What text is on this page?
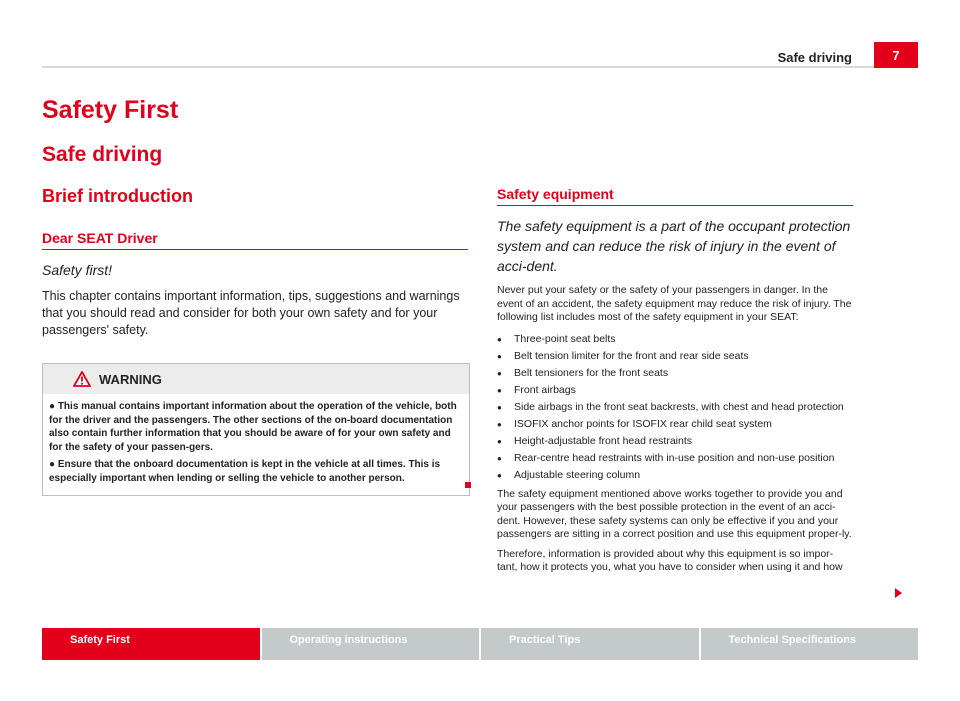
Safe driving	7
Safety First
Safe driving
Brief introduction
Dear SEAT Driver
Safety first!

This chapter contains important information, tips, suggestions and warnings that you should read and consider for both your own safety and for your passengers' safety.

WARNING

● This manual contains important information about the operation of the vehicle, both for the driver and the passengers. The other sections of the on-board documentation also contain further information that you should be aware of for your own safety and for the safety of your passen-gers.

● Ensure that the onboard documentation is kept in the vehicle at all times. This is especially important when lending or selling the vehicle to another person.

Safety equipment
The safety equipment is a part of the occupant protection system and can reduce the risk of injury in the event of acci-dent.

Never put your safety or the safety of your passengers in danger. In the event of an accident, the safety equipment may reduce the risk of injury. The following list includes most of the safety equipment in your SEAT:

● Three-point seat belts
● Belt tension limiter for the front and rear side seats
● Belt tensioners for the front seats
● Front airbags
● Side airbags in the front seat backrests, with chest and head protection
● ISOFIX anchor points for ISOFIX rear child seat system
● Height-adjustable front head restraints
● Rear-centre head restraints with in-use position and non-use position
● Adjustable steering column

The safety equipment mentioned above works together to provide you and your passengers with the best possible protection in the event of an acci-dent. However, these safety systems can only be effective if you and your passengers are sitting in a correct position and use this equipment proper-ly.

Therefore, information is provided about why this equipment is so impor-tant, how it protects you, what you have to consider when using it and how

Safety First	Operating instructions	Practical Tips	Technical Specifications
